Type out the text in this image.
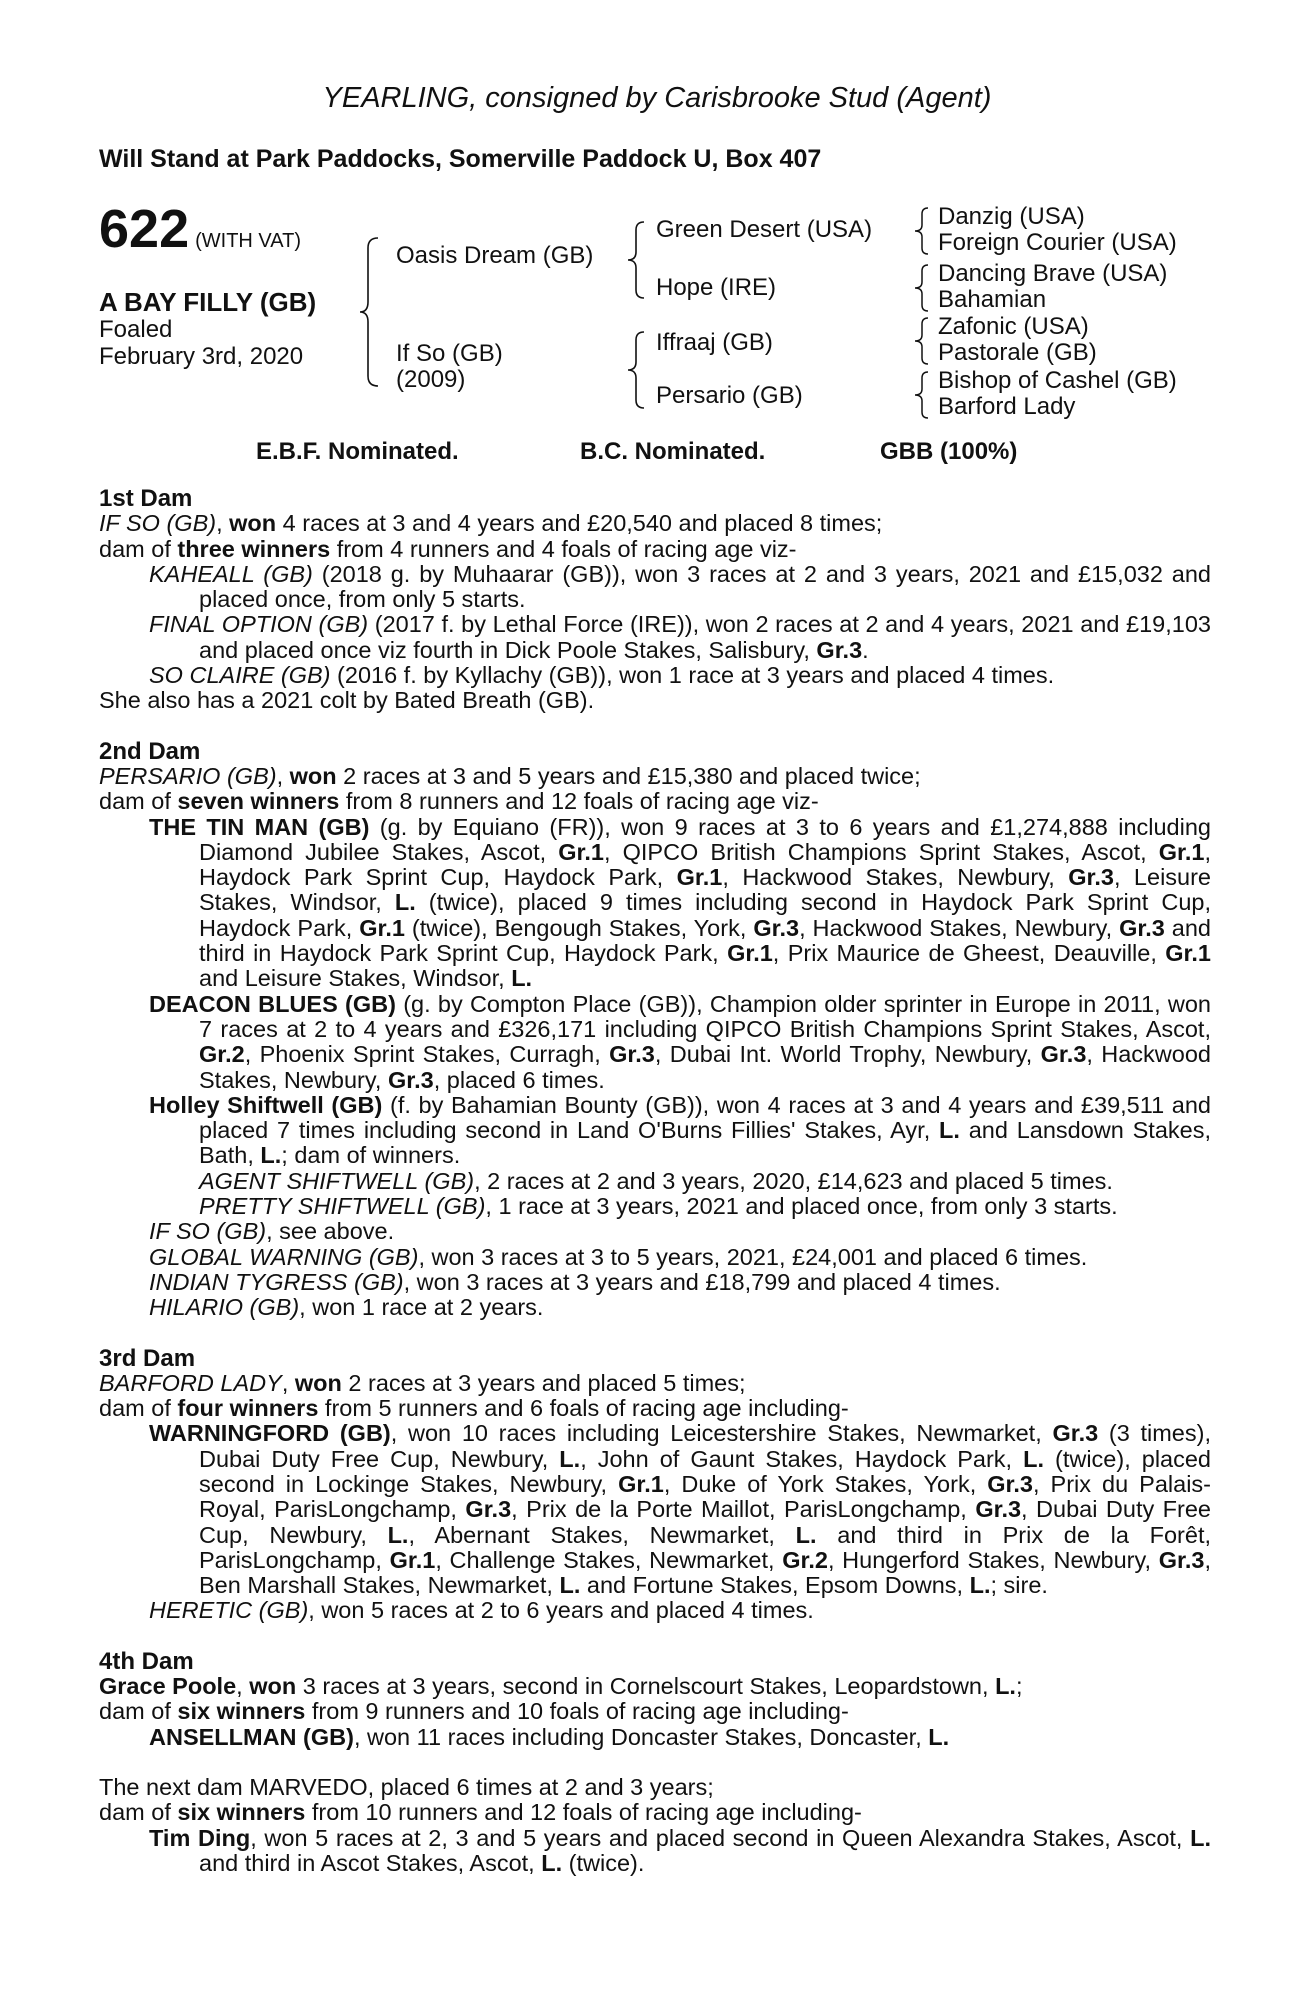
YEARLING, consigned by Carisbrooke Stud (Agent)
Will Stand at Park Paddocks, Somerville Paddock U, Box 407
622 (WITH VAT)
A BAY FILLY (GB)
Foaled
February 3rd, 2020
Oasis Dream (GB)
If So (GB)
(2009)
Green Desert (USA)
Hope (IRE)
Iffraaj (GB)
Persario (GB)
Danzig (USA)
Foreign Courier (USA)
Dancing Brave (USA)
Bahamian
Zafonic (USA)
Pastorale (GB)
Bishop of Cashel (GB)
Barford Lady
E.B.F. Nominated.	B.C. Nominated.	GBB (100%)

1st Dam

IF SO (GB), won 4 races at 3 and 4 years and £20,540 and placed 8 times;

dam of three winners from 4 runners and 4 foals of racing age viz-

KAHEALL (GB) (2018 g. by Muhaarar (GB)), won 3 races at 2 and 3 years, 2021 and £15,032 and placed once, from only 5 starts.

FINAL OPTION (GB) (2017 f. by Lethal Force (IRE)), won 2 races at 2 and 4 years, 2021 and £19,103 and placed once viz fourth in Dick Poole Stakes, Salisbury, Gr.3.

SO CLAIRE (GB) (2016 f. by Kyllachy (GB)), won 1 race at 3 years and placed 4 times.

She also has a 2021 colt by Bated Breath (GB).

2nd Dam

PERSARIO (GB), won 2 races at 3 and 5 years and £15,380 and placed twice;

dam of seven winners from 8 runners and 12 foals of racing age viz-

THE TIN MAN (GB) (g. by Equiano (FR)), won 9 races at 3 to 6 years and £1,274,888 including Diamond Jubilee Stakes, Ascot, Gr.1, QIPCO British Champions Sprint Stakes, Ascot, Gr.1, Haydock Park Sprint Cup, Haydock Park, Gr.1, Hackwood Stakes, Newbury, Gr.3, Leisure Stakes, Windsor, L. (twice), placed 9 times including second in Haydock Park Sprint Cup, Haydock Park, Gr.1 (twice), Bengough Stakes, York, Gr.3, Hackwood Stakes, Newbury, Gr.3 and third in Haydock Park Sprint Cup, Haydock Park, Gr.1, Prix Maurice de Gheest, Deauville, Gr.1 and Leisure Stakes, Windsor, L.

DEACON BLUES (GB) (g. by Compton Place (GB)), Champion older sprinter in Europe in 2011, won 7 races at 2 to 4 years and £326,171 including QIPCO British Champions Sprint Stakes, Ascot, Gr.2, Phoenix Sprint Stakes, Curragh, Gr.3, Dubai Int. World Trophy, Newbury, Gr.3, Hackwood Stakes, Newbury, Gr.3, placed 6 times.

Holley Shiftwell (GB) (f. by Bahamian Bounty (GB)), won 4 races at 3 and 4 years and £39,511 and placed 7 times including second in Land O'Burns Fillies' Stakes, Ayr, L. and Lansdown Stakes, Bath, L.; dam of winners.

AGENT SHIFTWELL (GB), 2 races at 2 and 3 years, 2020, £14,623 and placed 5 times.

PRETTY SHIFTWELL (GB), 1 race at 3 years, 2021 and placed once, from only 3 starts.

IF SO (GB), see above.

GLOBAL WARNING (GB), won 3 races at 3 to 5 years, 2021, £24,001 and placed 6 times.

INDIAN TYGRESS (GB), won 3 races at 3 years and £18,799 and placed 4 times.

HILARIO (GB), won 1 race at 2 years.

3rd Dam

BARFORD LADY, won 2 races at 3 years and placed 5 times;

dam of four winners from 5 runners and 6 foals of racing age including-

WARNINGFORD (GB), won 10 races including Leicestershire Stakes, Newmarket, Gr.3 (3 times), Dubai Duty Free Cup, Newbury, L., John of Gaunt Stakes, Haydock Park, L. (twice), placed second in Lockinge Stakes, Newbury, Gr.1, Duke of York Stakes, York, Gr.3, Prix du Palais-Royal, ParisLongchamp, Gr.3, Prix de la Porte Maillot, ParisLongchamp, Gr.3, Dubai Duty Free Cup, Newbury, L., Abernant Stakes, Newmarket, L. and third in Prix de la Forêt, ParisLongchamp, Gr.1, Challenge Stakes, Newmarket, Gr.2, Hungerford Stakes, Newbury, Gr.3, Ben Marshall Stakes, Newmarket, L. and Fortune Stakes, Epsom Downs, L.; sire.

HERETIC (GB), won 5 races at 2 to 6 years and placed 4 times.

4th Dam

Grace Poole, won 3 races at 3 years, second in Cornelscourt Stakes, Leopardstown, L.;

dam of six winners from 9 runners and 10 foals of racing age including-

ANSELLMAN (GB), won 11 races including Doncaster Stakes, Doncaster, L.

The next dam MARVEDO, placed 6 times at 2 and 3 years;

dam of six winners from 10 runners and 12 foals of racing age including-

Tim Ding, won 5 races at 2, 3 and 5 years and placed second in Queen Alexandra Stakes, Ascot, L. and third in Ascot Stakes, Ascot, L. (twice).
